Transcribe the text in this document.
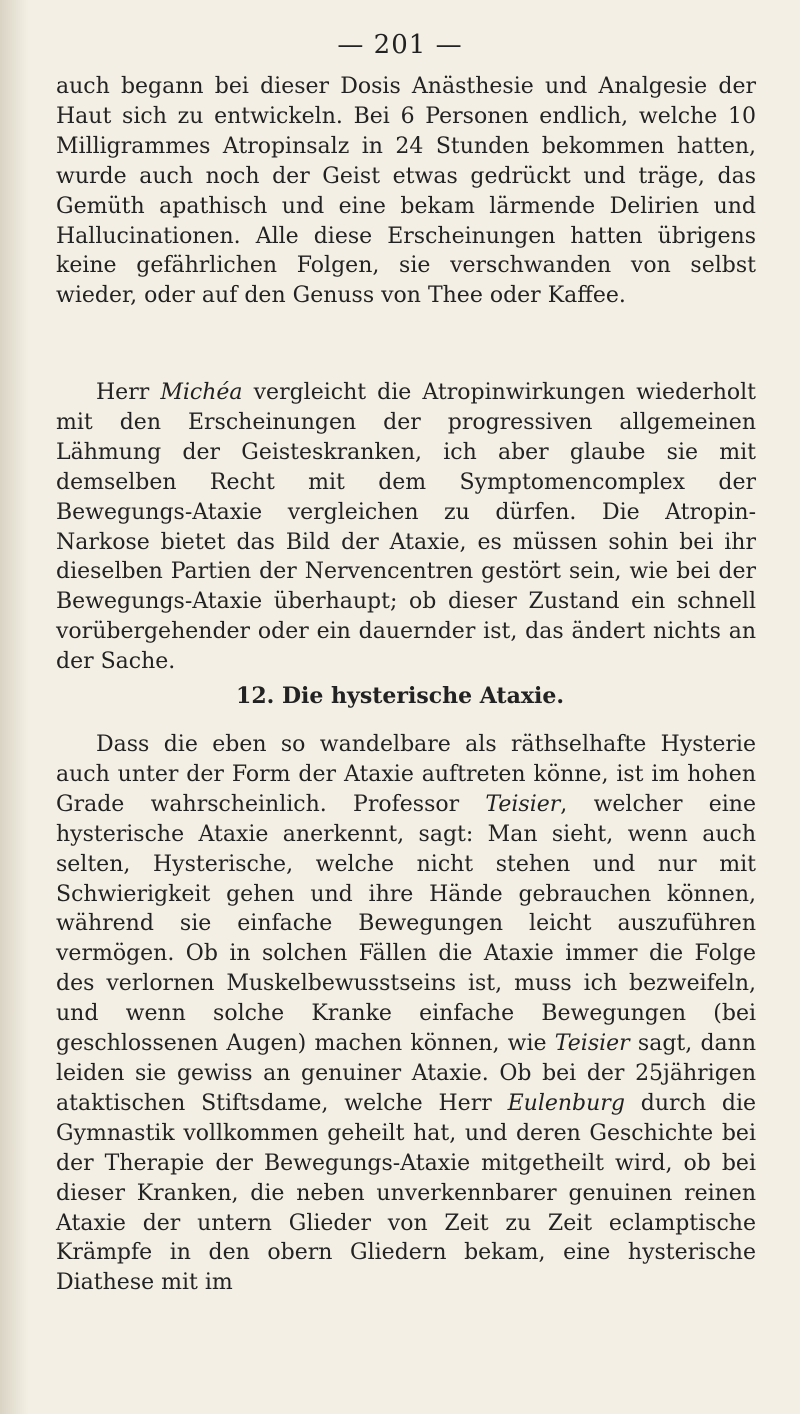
— 201 —
auch begann bei dieser Dosis Anästhesie und Analgesie der Haut sich zu entwickeln. Bei 6 Personen endlich, welche 10 Milligrammes Atropinsalz in 24 Stunden bekommen hatten, wurde auch noch der Geist etwas gedrückt und träge, das Gemüth apathisch und eine bekam lärmende Delirien und Hallucinationen. Alle diese Erscheinungen hatten übrigens keine gefährlichen Folgen, sie verschwanden von selbst wieder, oder auf den Genuss von Thee oder Kaffee.
Herr Michéa vergleicht die Atropinwirkungen wiederholt mit den Erscheinungen der progressiven allgemeinen Lähmung der Geisteskranken, ich aber glaube sie mit demselben Recht mit dem Symptomencomplex der Bewegungs-Ataxie vergleichen zu dürfen. Die Atropin-Narkose bietet das Bild der Ataxie, es müssen sohin bei ihr dieselben Partien der Nervencentren gestört sein, wie bei der Bewegungs-Ataxie überhaupt; ob dieser Zustand ein schnell vorübergehender oder ein dauernder ist, das ändert nichts an der Sache.
12. Die hysterische Ataxie.
Dass die eben so wandelbare als räthselhafte Hysterie auch unter der Form der Ataxie auftreten könne, ist im hohen Grade wahrscheinlich. Professor Teisier, welcher eine hysterische Ataxie anerkennt, sagt: Man sieht, wenn auch selten, Hysterische, welche nicht stehen und nur mit Schwierigkeit gehen und ihre Hände gebrauchen können, während sie einfache Bewegungen leicht auszuführen vermögen. Ob in solchen Fällen die Ataxie immer die Folge des verlornen Muskelbewusstseins ist, muss ich bezweifeln, und wenn solche Kranke einfache Bewegungen (bei geschlossenen Augen) machen können, wie Teisier sagt, dann leiden sie gewiss an genuiner Ataxie. Ob bei der 25jährigen ataktischen Stiftsdame, welche Herr Eulenburg durch die Gymnastik vollkommen geheilt hat, und deren Geschichte bei der Therapie der Bewegungs-Ataxie mitgetheilt wird, ob bei dieser Kranken, die neben unverkennbarer genuinen reinen Ataxie der untern Glieder von Zeit zu Zeit eclamptische Krämpfe in den obern Gliedern bekam, eine hysterische Diathese mit im
